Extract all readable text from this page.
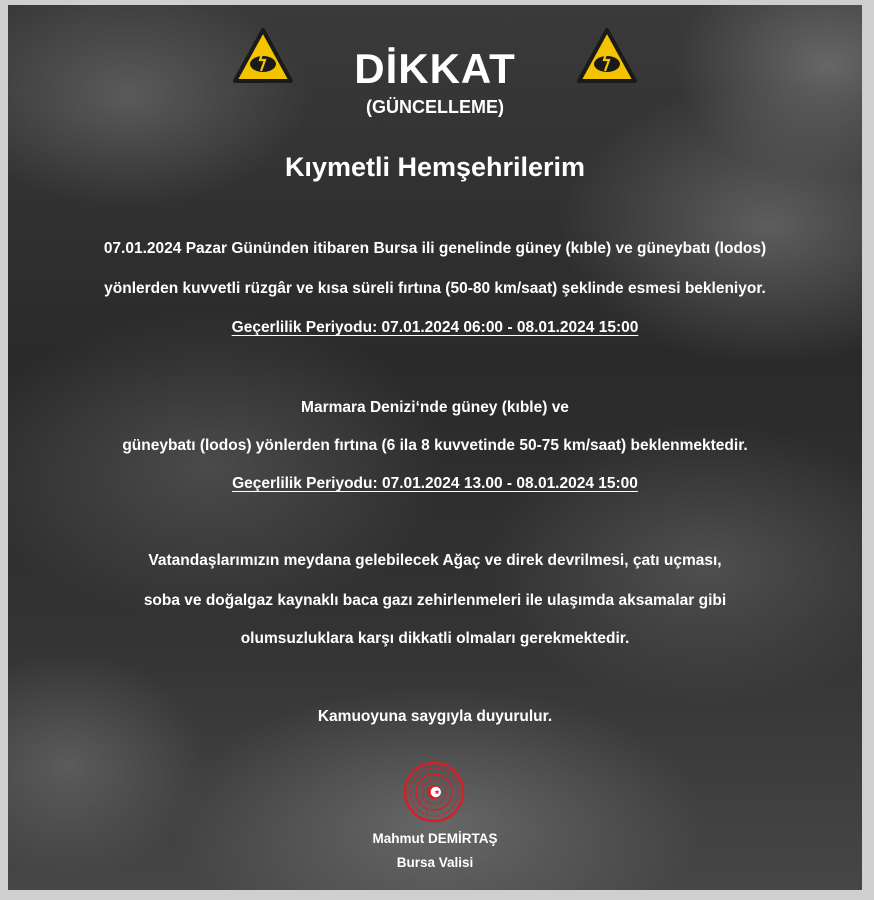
DİKKAT
(GÜNCELLEME)
Kıymetli Hemşehrilerim
07.01.2024 Pazar Gününden itibaren Bursa ili genelinde güney (kıble) ve güneybatı (lodos)
yönlerden kuvvetli rüzgâr ve kısa süreli fırtına (50-80 km/saat) şeklinde esmesi bekleniyor.
Geçerlilik Periyodu: 07.01.2024 06:00 - 08.01.2024 15:00
Marmara Denizi‘nde güney (kıble) ve
güneybatı (lodos) yönlerden fırtına (6 ila 8 kuvvetinde 50-75 km/saat) beklenmektedir.
Geçerlilik Periyodu: 07.01.2024 13.00 - 08.01.2024 15:00
Vatandaşlarımızın meydana gelebilecek Ağaç ve direk devrilmesi, çatı uçması,
soba ve doğalgaz kaynaklı baca gazı zehirlenmeleri ile ulaşımda aksamalar gibi
olumsuzluklara karşı dikkatli olmaları gerekmektedir.
Kamuoyuna saygıyla duyurulur.
Mahmut DEMİRTAŞ
Bursa Valisi
